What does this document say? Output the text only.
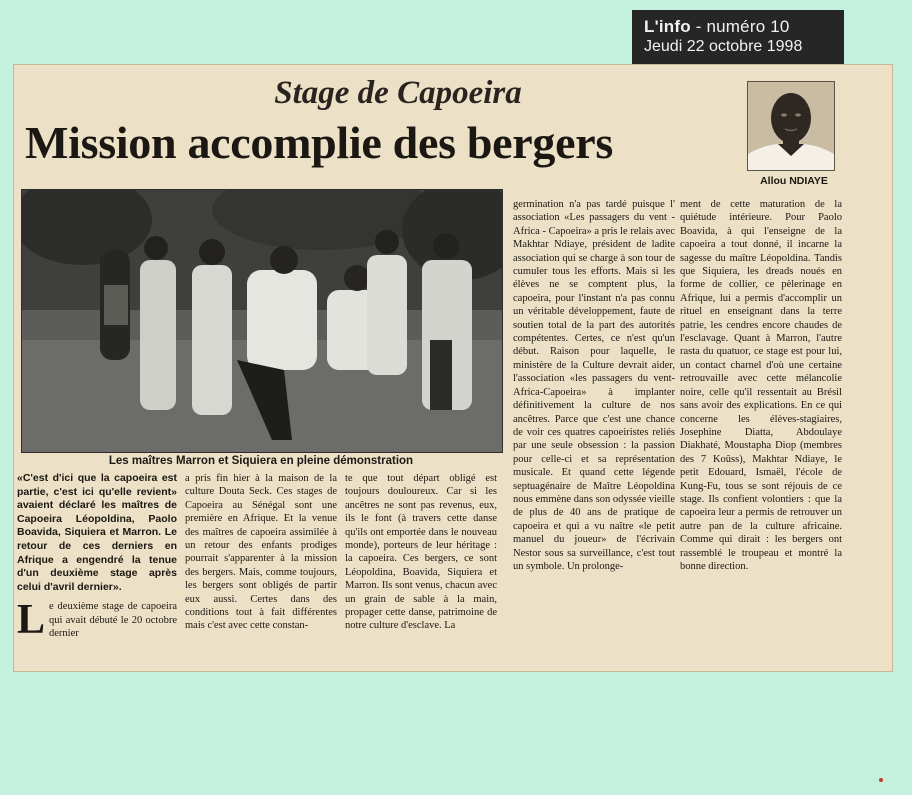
L'info - numéro 10
Jeudi 22 octobre 1998
Stage de Capoeira
Mission accomplie des bergers
Allou NDIAYE
Les maîtres Marron et Siquiera en pleine démonstration

«C'est d'ici que la capoeira est partie, c'est ici qu'elle revient» avaient déclaré les maîtres de Capoeira Léopoldina, Paolo Boavida, Siquiera et Marron. Le retour de ces derniers en Afrique a engendré la tenue d'un deuxième stage après celui d'avril dernier».

Le deuxième stage de capoeira qui avait débuté le 20 octobre dernier

a pris fin hier à la maison de la culture Douta Seck. Ces stages de Capoeira au Sénégal sont une première en Afrique. Et la venue des maîtres de capoeira assimilée à un retour des enfants prodiges pourrait s'apparenter à la mission des bergers. Mais, comme toujours, les bergers sont obligés de partir eux aussi. Certes dans des conditions tout à fait différentes mais c'est avec cette constan-

te que tout départ obligé est toujours douloureux. Car si les ancêtres ne sont pas revenus, eux, ils le font (à travers cette danse qu'ils ont emportée dans le nouveau monde), porteurs de leur héritage : la capoeira. Ces bergers, ce sont Léopoldina, Boavida, Siquiera et Marron. Ils sont venus, chacun avec un grain de sable à la main, propager cette danse, patrimoine de notre culture d'esclave. La

germination n'a pas tardé puisque l' association «Les passagers du vent - Africa - Capoeira» a pris le relais avec Makhtar Ndiaye, président de ladite association qui se charge à son tour de cumuler tous les efforts. Mais si les élèves ne se comptent plus, la capoeira, pour l'instant n'a pas connu un véritable développement, faute de soutien total de la part des autorités compétentes. Certes, ce n'est qu'un début. Raison pour laquelle, le ministère de la Culture devrait aider, l'association «les passagers du vent-Africa-Capoeira» à implanter définitivement la culture de nos ancêtres. Parce que c'est une chance de voir ces quatres capoeiristes reliés par une seule obsession : la passion pour celle-ci et sa représentation musicale. Et quand cette légende septuagénaire de Maître Léopoldina nous emmène dans son odyssée vieille de plus de 40 ans de pratique de capoeira et qui a vu naître «le petit manuel du joueur» de l'écrivain Nestor sous sa surveillance, c'est tout un symbole. Un prolonge-

ment de cette maturation de la quiétude intérieure. Pour Paolo Boavida, à qui l'enseigne de la capoeira a tout donné, il incarne la sagesse du maître Léopoldina. Tandis que Siquiera, les dreads noués en forme de collier, ce pèlerinage en Afrique, lui a permis d'accomplir un rituel en enseignant dans la terre patrie, les cendres encore chaudes de l'esclavage. Quant à Marron, l'autre rasta du quatuor, ce stage est pour lui, un contact charnel d'où une certaine retrouvaille avec cette mélancolie noire, celle qu'il ressentait au Brésil sans avoir des explications. En ce qui concerne les élèves-stagiaires, Josephine Diatta, Abdoulaye Diakhaté, Moustapha Diop (membres des 7 Koûss), Makhtar Ndiaye, le petit Edouard, Ismaël, l'école de Kung-Fu, tous se sont réjouis de ce stage. Ils confient volontiers : que la capoeira leur a permis de retrouver un autre pan de la culture africaine. Comme qui dirait : les bergers ont rassemblé le troupeau et montré la bonne direction.
